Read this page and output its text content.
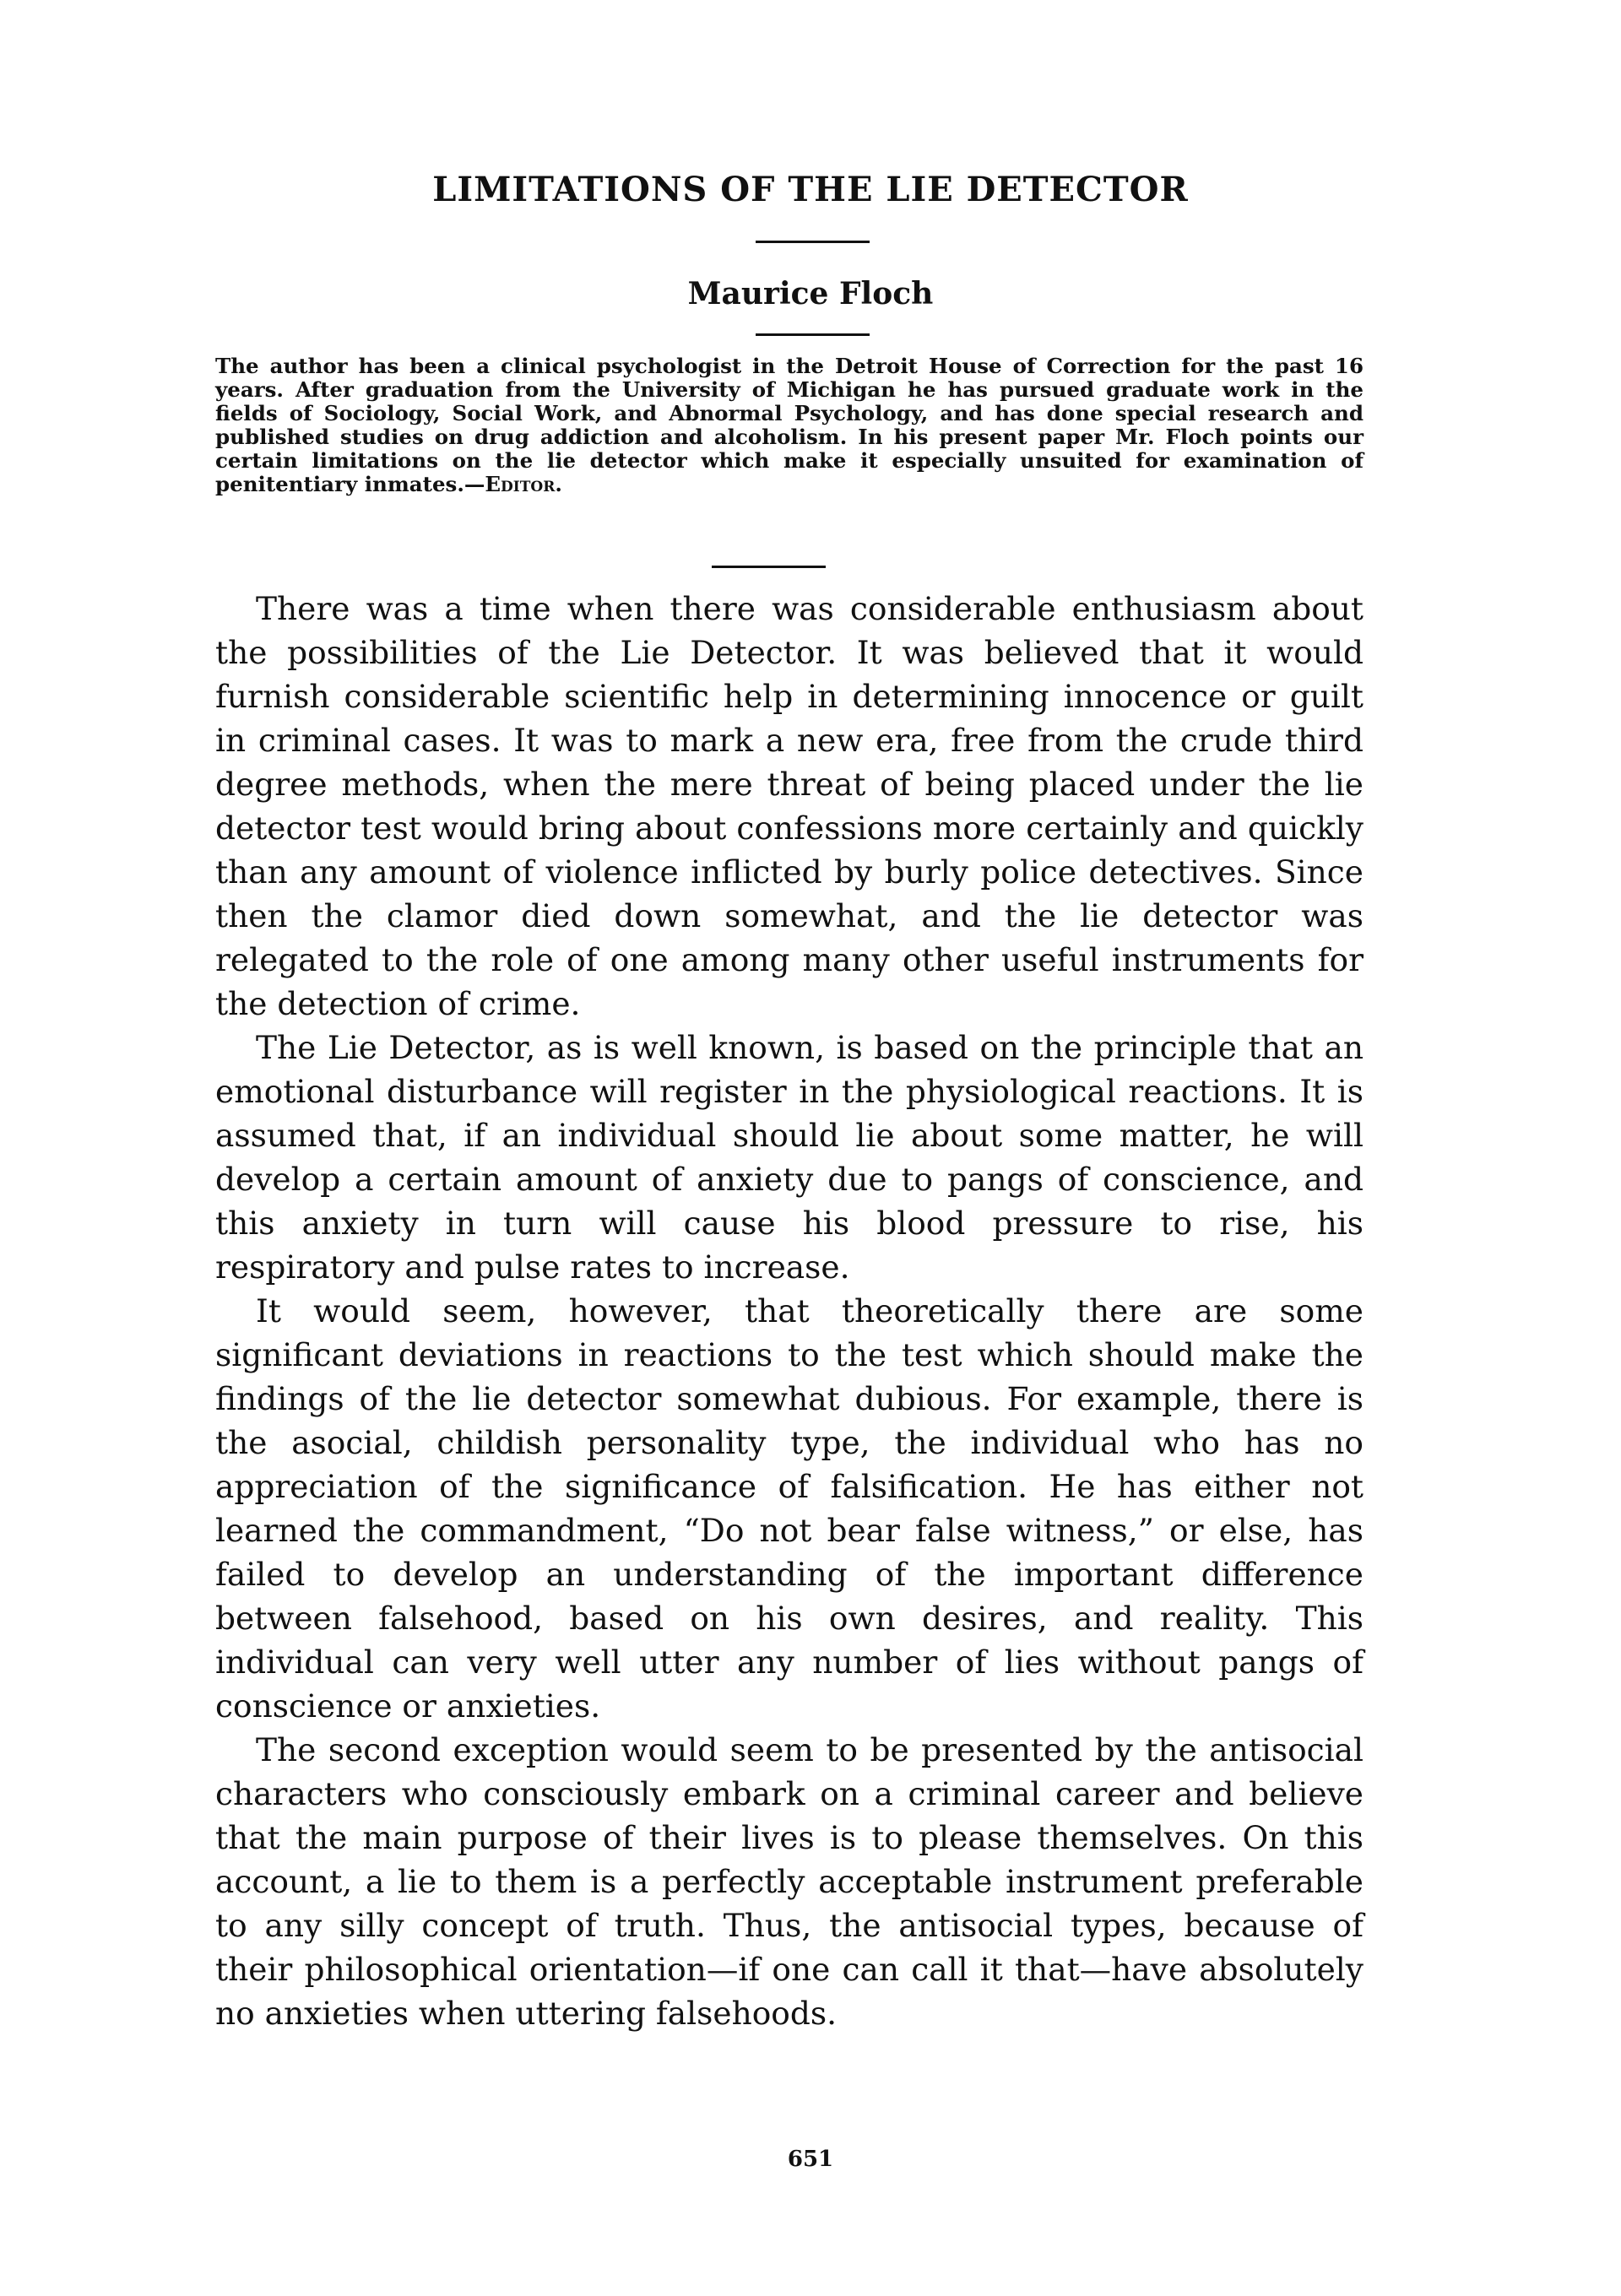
LIMITATIONS OF THE LIE DETECTOR
Maurice Floch
The author has been a clinical psychologist in the Detroit House of Correction for the past 16 years. After graduation from the University of Michigan he has pursued graduate work in the fields of Sociology, Social Work, and Abnormal Psychology, and has done special research and published studies on drug addiction and alcoholism. In his present paper Mr. Floch points our certain limitations on the lie detector which make it especially unsuited for examination of penitentiary inmates.—Editor.

There was a time when there was considerable enthusiasm about the possibilities of the Lie Detector. It was believed that it would furnish considerable scientific help in determining innocence or guilt in criminal cases. It was to mark a new era, free from the crude third degree methods, when the mere threat of being placed under the lie detector test would bring about confessions more certainly and quickly than any amount of violence inflicted by burly police detectives. Since then the clamor died down somewhat, and the lie detector was relegated to the role of one among many other useful instruments for the detection of crime.

The Lie Detector, as is well known, is based on the principle that an emotional disturbance will register in the physiological reactions. It is assumed that, if an individual should lie about some matter, he will develop a certain amount of anxiety due to pangs of conscience, and this anxiety in turn will cause his blood pressure to rise, his respiratory and pulse rates to increase.

It would seem, however, that theoretically there are some significant deviations in reactions to the test which should make the findings of the lie detector somewhat dubious. For example, there is the asocial, childish personality type, the individual who has no appreciation of the significance of falsification. He has either not learned the commandment, “Do not bear false witness,” or else, has failed to develop an understanding of the important difference between falsehood, based on his own desires, and reality. This individual can very well utter any number of lies without pangs of conscience or anxieties.

The second exception would seem to be presented by the antisocial characters who consciously embark on a criminal career and believe that the main purpose of their lives is to please themselves. On this account, a lie to them is a perfectly acceptable instrument preferable to any silly concept of truth. Thus, the antisocial types, because of their philosophical orientation—if one can call it that—have absolutely no anxieties when uttering falsehoods.

651
